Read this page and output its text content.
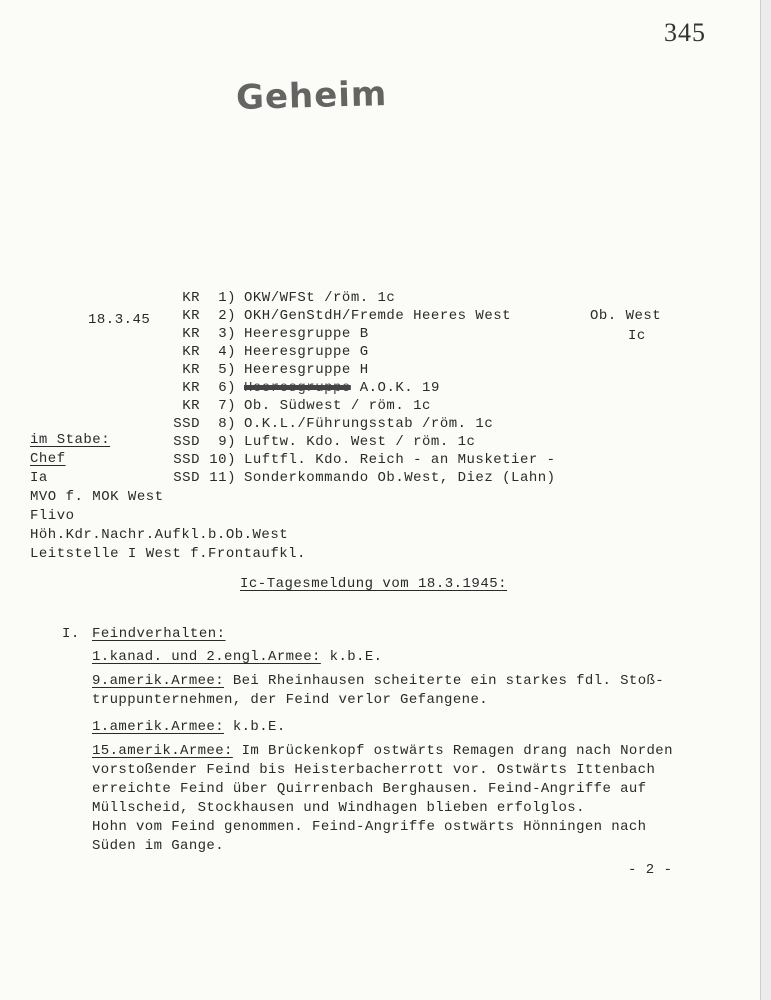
345
Geheim
18.3.45	Ob. West
Ic
KR 1) OKW/WFSt /röm. 1c
KR 2) OKH/GenStdH/Fremde Heeres West
KR 3) Heeresgruppe B
KR 4) Heeresgruppe G
KR 5) Heeresgruppe H
KR 6) Heeresgruppe A.O.K. 19
KR 7) Ob. Südwest / röm. 1c
SSD 8) O.K.L./Führungsstab /röm. 1c
SSD 9) Luftw. Kdo. West / röm. 1c
SSD 10) Luftfl. Kdo. Reich - an Musketier -
SSD 11) Sonderkommando Ob.West, Diez (Lahn)
im Stabe:
Chef
Ia
MVO f. MOK West
Flivo
Höh.Kdr.Nachr.Aufkl.b.Ob.West
Leitstelle I West f.Frontaufkl.
Ic-Tagesmeldung vom 18.3.1945:
I. Feindverhalten:
1.kanad. und 2.engl.Armee: k.b.E.
9.amerik.Armee: Bei Rheinhausen scheiterte ein starkes fdl. Stoß-
truppunternehmen, der Feind verlor Gefangene.
1.amerik.Armee: k.b.E.
15.amerik.Armee: Im Brückenkopf ostwärts Remagen drang nach Norden
vorstoßender Feind bis Heisterbacherrott vor. Ostwärts Ittenbach
erreichte Feind über Quirrenbach Berghausen. Feind-Angriffe auf
Müllscheid, Stockhausen und Windhagen blieben erfolglos.
Hohn vom Feind genommen. Feind-Angriffe ostwärts Hönningen nach
Süden im Gange.
- 2 -
